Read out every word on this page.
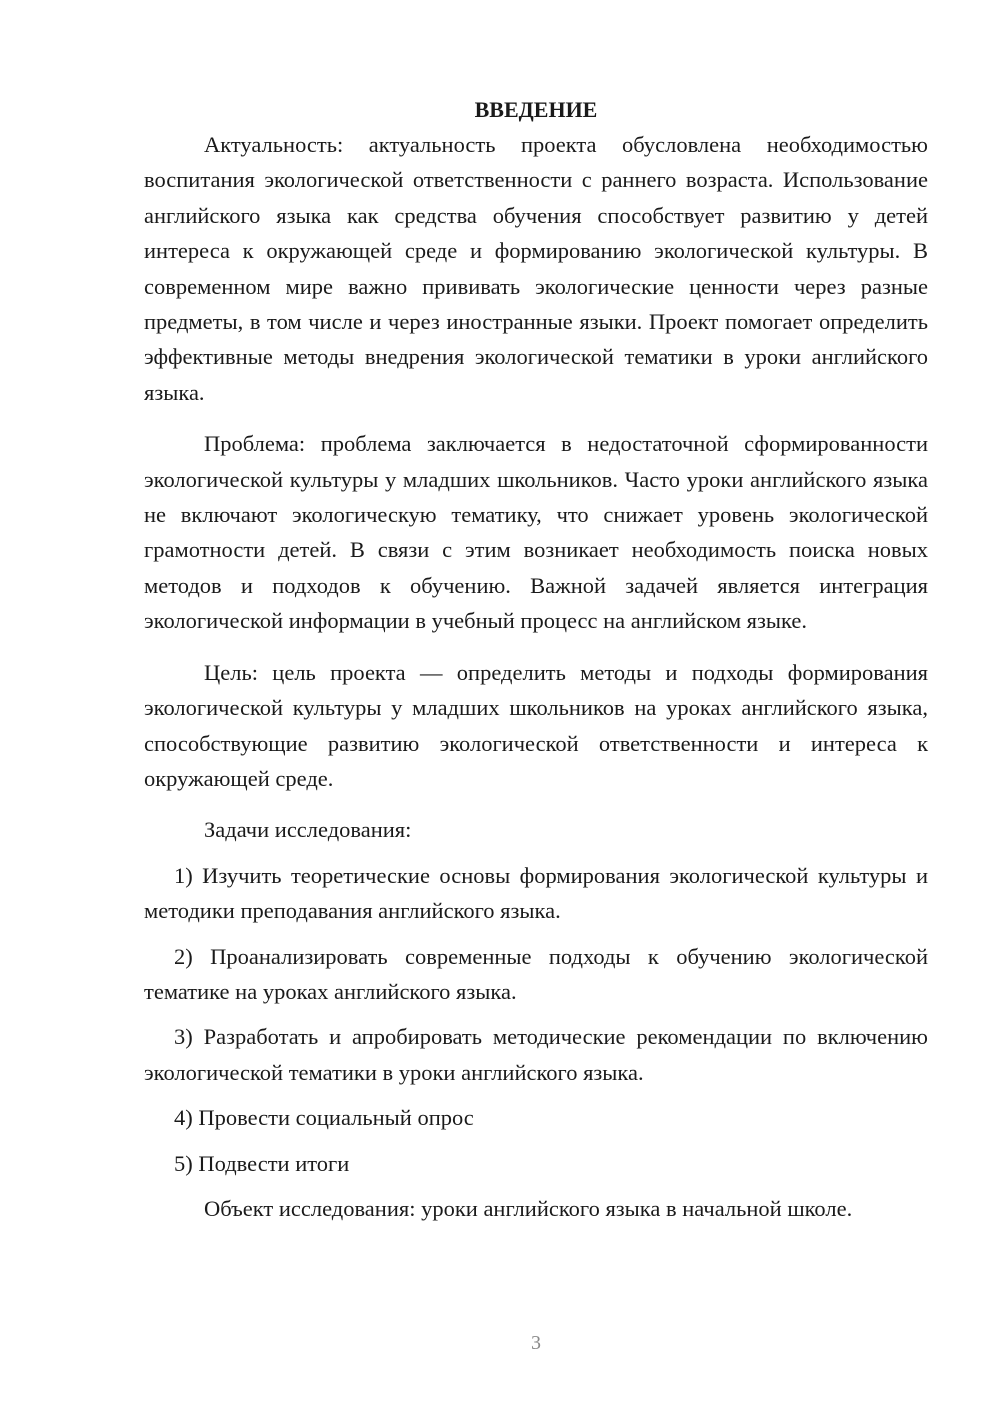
ВВЕДЕНИЕ

Актуальность: актуальность проекта обусловлена необходимостью воспитания экологической ответственности с раннего возраста. Использование английского языка как средства обучения способствует развитию у детей интереса к окружающей среде и формированию экологической культуры. В современном мире важно прививать экологические ценности через разные предметы, в том числе и через иностранные языки. Проект помогает определить эффективные методы внедрения экологической тематики в уроки английского языка.

Проблема: проблема заключается в недостаточной сформированности экологической культуры у младших школьников. Часто уроки английского языка не включают экологическую тематику, что снижает уровень экологической грамотности детей. В связи с этим возникает необходимость поиска новых методов и подходов к обучению. Важной задачей является интеграция экологической информации в учебный процесс на английском языке.

Цель: цель проекта — определить методы и подходы формирования экологической культуры у младших школьников на уроках английского языка, способствующие развитию экологической ответственности и интереса к окружающей среде.

Задачи исследования:

1) Изучить теоретические основы формирования экологической культуры и методики преподавания английского языка.

2) Проанализировать современные подходы к обучению экологической тематике на уроках английского языка.

3) Разработать и апробировать методические рекомендации по включению экологической тематики в уроки английского языка.

4) Провести социальный опрос

5) Подвести итоги

Объект исследования: уроки английского языка в начальной школе.

3
